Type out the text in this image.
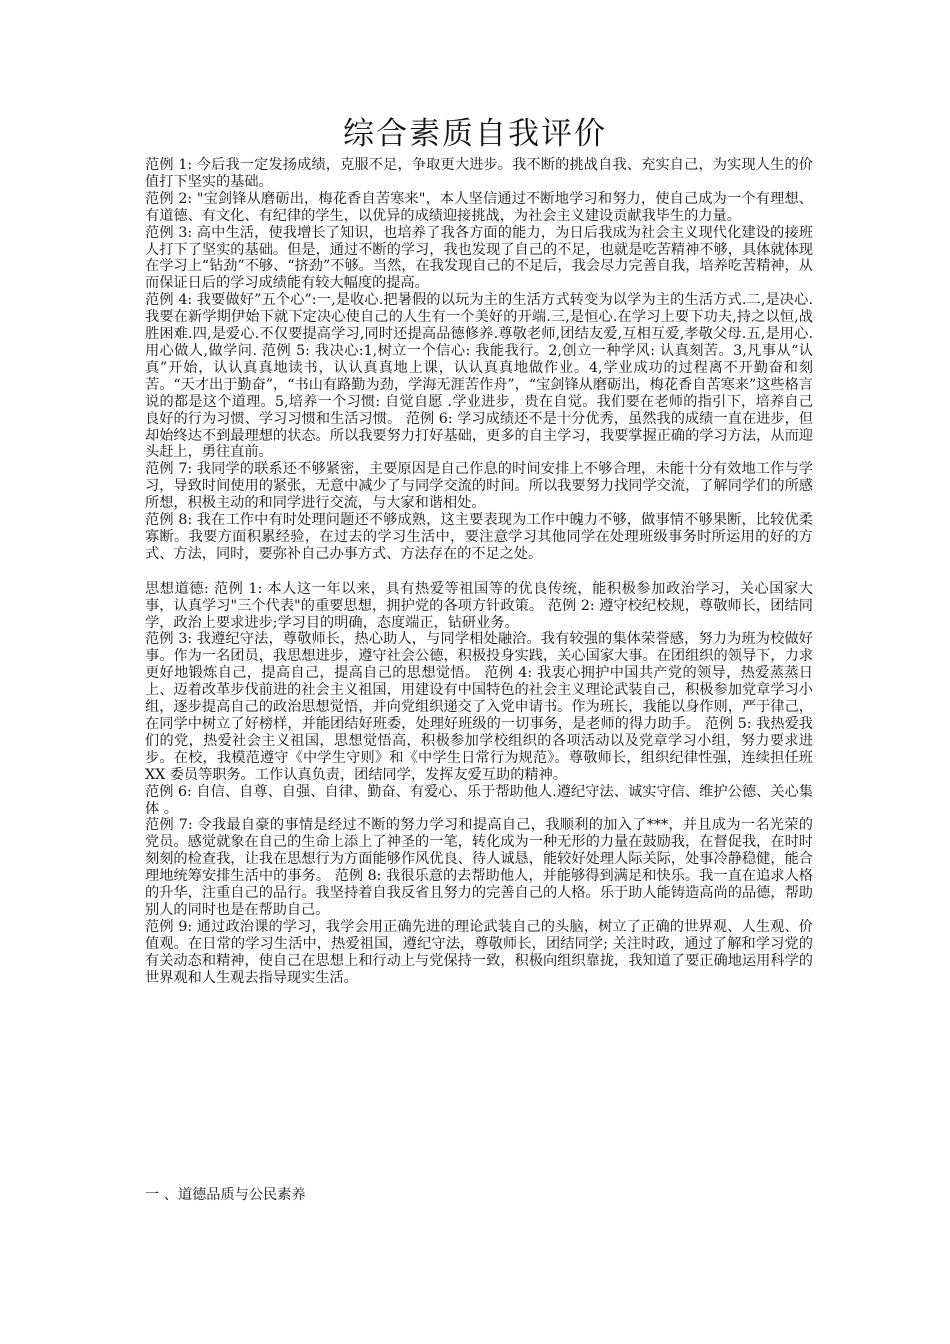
综合素质自我评价

范例 1: 今后我一定发扬成绩，克服不足，争取更大进步。我不断的挑战自我、充实自己，为实现人生的价值打下坚实的基础。

范例 2: "宝剑锋从磨砺出，梅花香自苦寒来"，本人坚信通过不断地学习和努力，使自己成为一个有理想、有道德、有文化、有纪律的学生，以优异的成绩迎接挑战，为社会主义建设贡献我毕生的力量。

范例 3: 高中生活，使我增长了知识，也培养了我各方面的能力，为日后我成为社会主义现代化建设的接班人打下了坚实的基础。但是，通过不断的学习，我也发现了自己的不足，也就是吃苦精神不够，具体就体现在学习上“钻劲”不够、“挤劲”不够。当然，在我发现自己的不足后，我会尽力完善自我，培养吃苦精神，从而保证日后的学习成绩能有较大幅度的提高。

范例 4: 我要做好”五个心”:一,是收心.把暑假的以玩为主的生活方式转变为以学为主的生活方式.二,是决心.我要在新学期伊始下就下定决心使自己的人生有一个美好的开端.三,是恒心.在学习上要下功夫,持之以恒,战胜困难.四,是爱心.不仅要提高学习,同时还提高品德修养.尊敬老师,团结友爱,互相互爱,孝敬父母.五,是用心.用心做人,做学问. 范例 5: 我决心:1,树立一个信心: 我能我行。2,创立一种学风: 认真刻苦。3,凡事从“认真”开始，认认真真地读书，认认真真地上课，认认真真地做作业。4,学业成功的过程离不开勤奋和刻苦。“天才出于勤奋”，“书山有路勤为劲，学海无涯苦作舟”，“宝剑锋从磨砺出，梅花香自苦寒来”这些格言说的都是这个道理。5,培养一个习惯: 自觉自愿 .学业进步，贵在自觉。我们要在老师的指引下，培养自己良好的行为习惯、学习习惯和生活习惯。 范例 6: 学习成绩还不是十分优秀，虽然我的成绩一直在进步，但却始终达不到最理想的状态。所以我要努力打好基础，更多的自主学习，我要掌握正确的学习方法，从而迎头赶上，勇往直前。

范例 7: 我同学的联系还不够紧密，主要原因是自己作息的时间安排上不够合理，未能十分有效地工作与学习，导致时间使用的紧张，无意中减少了与同学交流的时间。所以我要努力找同学交流，了解同学们的所感所想，积极主动的和同学进行交流，与大家和谐相处。

范例 8: 我在工作中有时处理问题还不够成熟，这主要表现为工作中魄力不够，做事情不够果断，比较优柔寡断。我要方面积累经验，在过去的学习生活中，要注意学习其他同学在处理班级事务时所运用的好的方式、方法，同时，要弥补自己办事方式、方法存在的不足之处。

思想道德: 范例 1: 本人这一年以来，具有热爱等祖国等的优良传统，能积极参加政治学习，关心国家大事，认真学习"三个代表"的重要思想，拥护党的各项方针政策。 范例 2: 遵守校纪校规，尊敬师长，团结同学，政治上要求进步;学习目的明确，态度端正，钻研业务。

范例 3: 我遵纪守法，尊敬师长，热心助人，与同学相处融洽。我有较强的集体荣誉感，努力为班为校做好事。作为一名团员，我思想进步，遵守社会公德，积极投身实践，关心国家大事。在团组织的领导下，力求更好地锻炼自己，提高自己，提高自己的思想觉悟。 范例 4: 我衷心拥护中国共产党的领导，热爱蒸蒸日上、迈着改革步伐前进的社会主义祖国，用建设有中国特色的社会主义理论武装自己，积极参加党章学习小组，逐步提高自己的政治思想觉悟，并向党组织递交了入党申请书。作为班长，我能以身作则，严于律己，在同学中树立了好榜样，并能团结好班委，处理好班级的一切事务，是老师的得力助手。 范例 5: 我热爱我们的党，热爱社会主义祖国，思想觉悟高，积极参加学校组织的各项活动以及党章学习小组，努力要求进步。在校，我模范遵守《中学生守则》和《中学生日常行为规范》。尊敬师长，组织纪律性强，连续担任班 XX 委员等职务。工作认真负责，团结同学，发挥友爱互助的精神。

范例 6: 自信、自尊、自强、自律、勤奋、有爱心、乐于帮助他人.遵纪守法、诚实守信、维护公德、关心集体 。

范例 7: 令我最自豪的事情是经过不断的努力学习和提高自己，我顺利的加入了***，并且成为一名光荣的党员。感觉就象在自己的生命上添上了神圣的一笔，转化成为一种无形的力量在鼓励我，在督促我，在时时刻刻的检查我，让我在思想行为方面能够作风优良、待人诚恳，能较好处理人际关际，处事冷静稳健，能合理地统筹安排生活中的事务。 范例 8: 我很乐意的去帮助他人，并能够得到满足和快乐。我一直在追求人格的升华，注重自己的品行。我坚持着自我反省且努力的完善自己的人格。乐于助人能铸造高尚的品德，帮助别人的同时也是在帮助自己。

范例 9: 通过政治课的学习，我学会用正确先进的理论武装自己的头脑，树立了正确的世界观、人生观、价值观。在日常的学习生活中，热爱祖国，遵纪守法，尊敬师长，团结同学; 关注时政，通过了解和学习党的有关动态和精神，使自己在思想上和行动上与党保持一致，积极向组织靠拢，我知道了要正确地运用科学的世界观和人生观去指导现实生活。

一 、道德品质与公民素养
